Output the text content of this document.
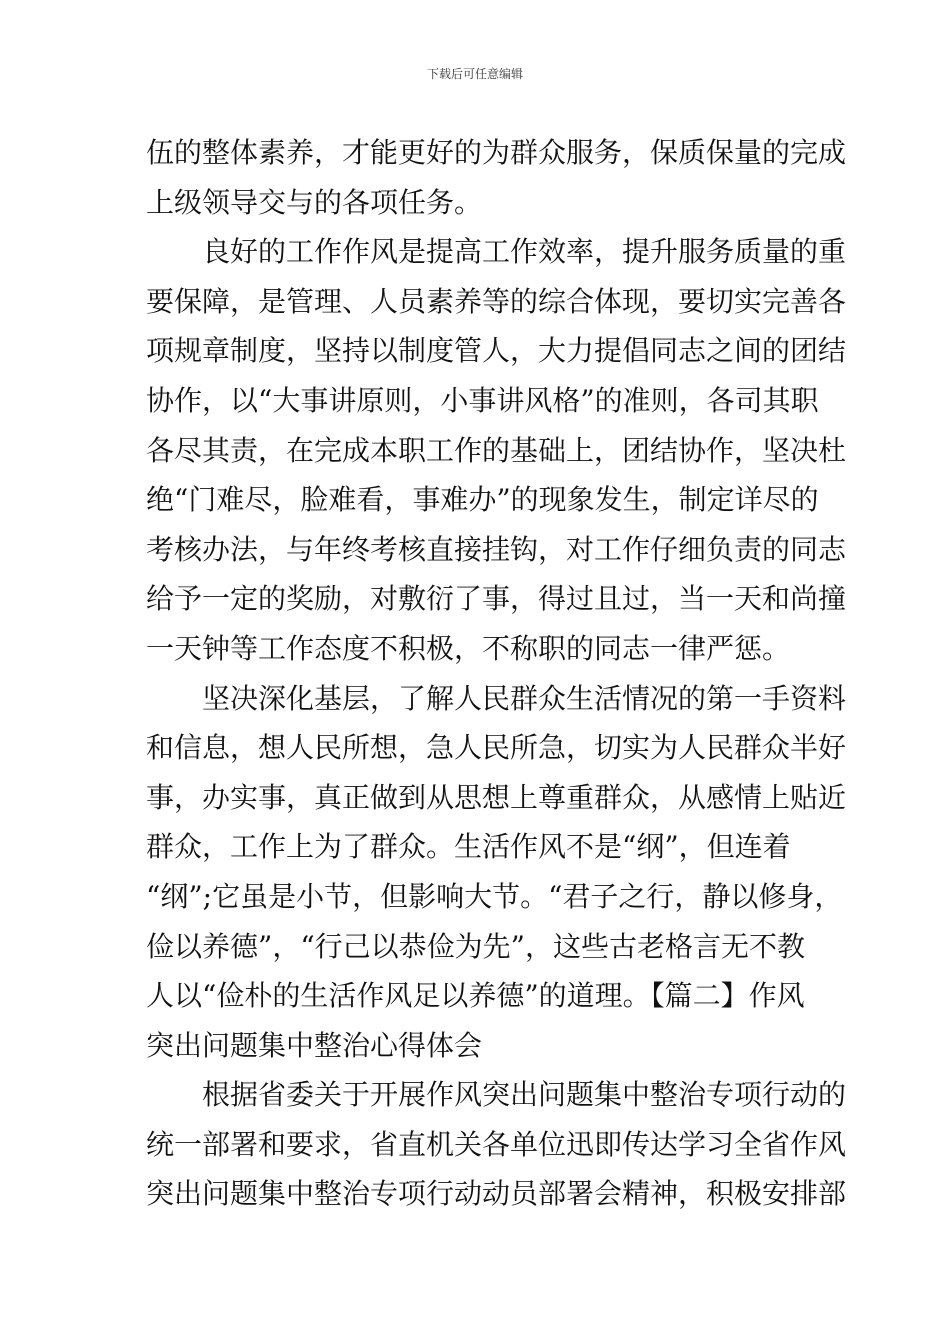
下载后可任意编辑
伍的整体素养，才能更好的为群众服务，保质保量的完成
上级领导交与的各项任务。
　　良好的工作作风是提高工作效率，提升服务质量的重
要保障，是管理、人员素养等的综合体现，要切实完善各
项规章制度，坚持以制度管人，大力提倡同志之间的团结
协作，以“大事讲原则，小事讲风格”的准则，各司其职
各尽其责，在完成本职工作的基础上，团结协作，坚决杜
绝“门难尽，脸难看，事难办”的现象发生，制定详尽的
考核办法，与年终考核直接挂钩，对工作仔细负责的同志
给予一定的奖励，对敷衍了事，得过且过，当一天和尚撞
一天钟等工作态度不积极，不称职的同志一律严惩。
　　坚决深化基层，了解人民群众生活情况的第一手资料
和信息，想人民所想，急人民所急，切实为人民群众半好
事，办实事，真正做到从思想上尊重群众，从感情上贴近
群众，工作上为了群众。生活作风不是“纲”，但连着
“纲”;它虽是小节，但影响大节。“君子之行，静以修身，
俭以养德”，“行己以恭俭为先”，这些古老格言无不教
人以“俭朴的生活作风足以养德”的道理。【篇二】作风
突出问题集中整治心得体会
　　根据省委关于开展作风突出问题集中整治专项行动的
统一部署和要求，省直机关各单位迅即传达学习全省作风
突出问题集中整治专项行动动员部署会精神，积极安排部
